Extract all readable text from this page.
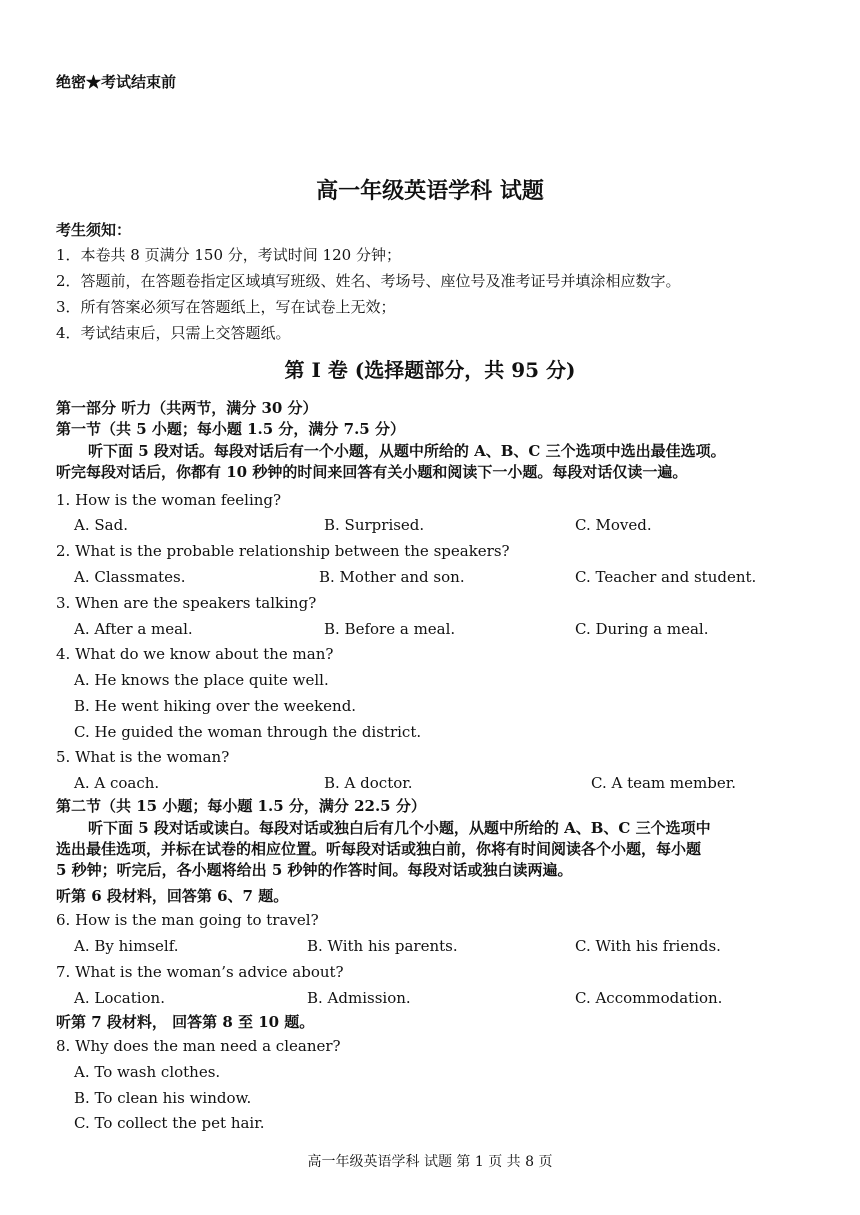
绝密★考试结束前
高一年级英语学科 试题
考生须知：
1．本卷共 8 页满分 150 分，考试时间 120 分钟；
2．答题前，在答题卷指定区域填写班级、姓名、考场号、座位号及准考证号并填涂相应数字。
3．所有答案必须写在答题纸上，写在试卷上无效；
4．考试结束后，只需上交答题纸。
第 I 卷 (选择题部分，共 95 分)
第一部分 听力（共两节，满分 30 分）
第一节（共 5 小题；每小题 1.5 分，满分 7.5 分）

听下面 5 段对话。每段对话后有一个小题，从题中所给的 A、B、C 三个选项中选出最佳选项。

听完每段对话后，你都有 10 秒钟的时间来回答有关小题和阅读下一小题。每段对话仅读一遍。

1. How is the woman feeling?
A. Sad.	B. Surprised.	C. Moved.
2. What is the probable relationship between the speakers?
A. Classmates.	B. Mother and son.	C. Teacher and student.
3. When are the speakers talking?
A. After a meal.	B. Before a meal.	C. During a meal.
4. What do we know about the man?
A. He knows the place quite well.
B. He went hiking over the weekend.
C. He guided the woman through the district.
5. What is the woman?
A. A coach.	B. A doctor.	C. A team member.
第二节（共 15 小题；每小题 1.5 分，满分 22.5 分）

听下面 5 段对话或读白。每段对话或独白后有几个小题，从题中所给的 A、B、C 三个选项中

选出最佳选项，并标在试卷的相应位置。听每段对话或独白前，你将有时间阅读各个小题，每小题

5 秒钟；听完后，各小题将给出 5 秒钟的作答时间。每段对话或独白读两遍。

听第 6 段材料，回答第 6、7 题。
6. How is the man going to travel?
A. By himself.	B. With his parents.	C. With his friends.
7. What is the woman’s advice about?
A. Location.	B. Admission.	C. Accommodation.
听第 7 段材料， 回答第 8 至 10 题。
8. Why does the man need a cleaner?
A. To wash clothes.
B. To clean his window.
C. To collect the pet hair.
高一年级英语学科 试题 第 1 页 共 8 页
